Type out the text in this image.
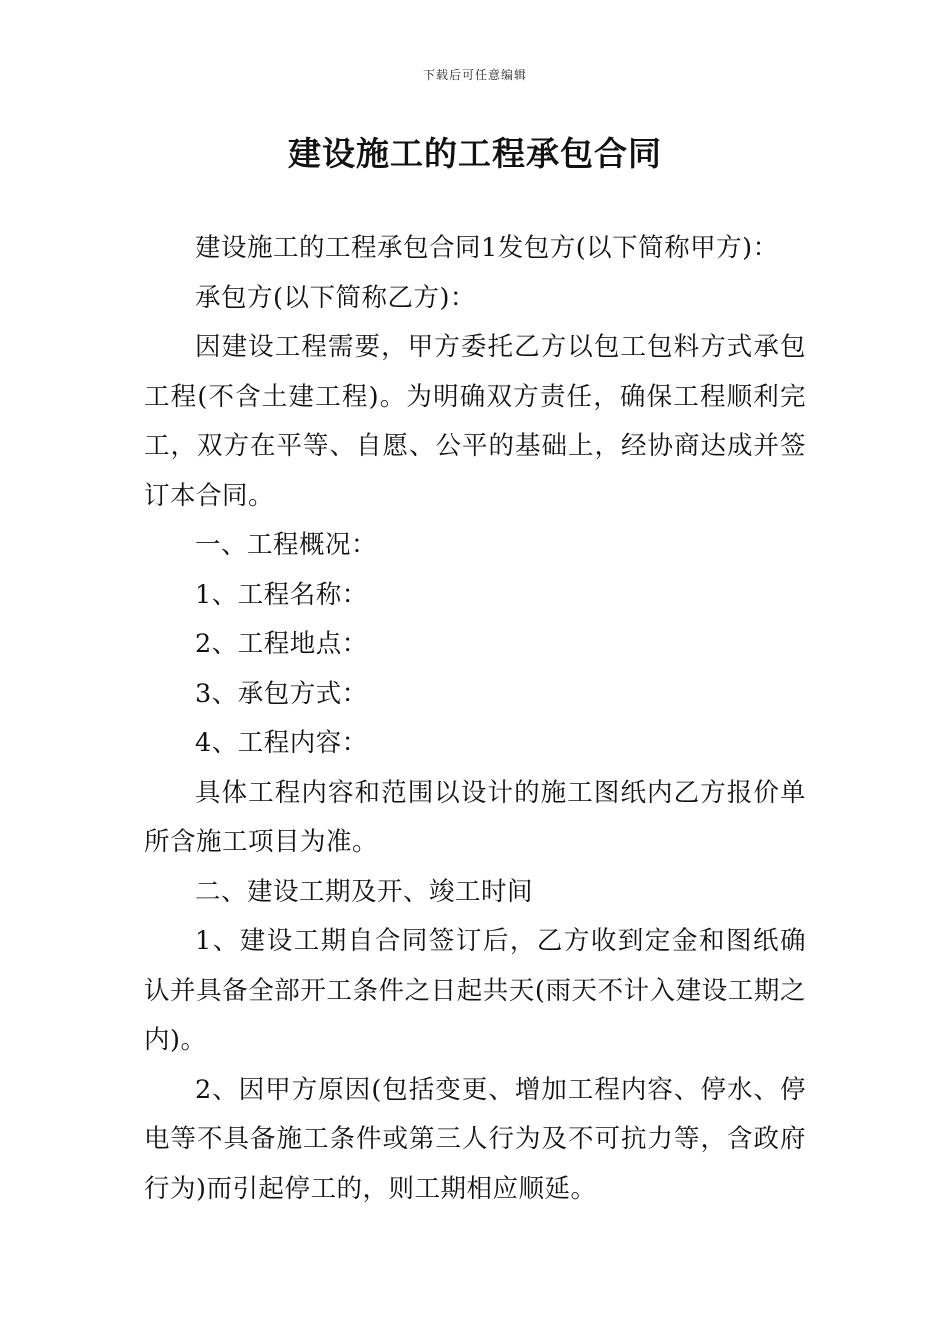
下载后可任意编辑
建设施工的工程承包合同

建设施工的工程承包合同1发包方(以下简称甲方)：

承包方(以下简称乙方)：

因建设工程需要，甲方委托乙方以包工包料方式承包工程(不含土建工程)。为明确双方责任，确保工程顺利完工，双方在平等、自愿、公平的基础上，经协商达成并签订本合同。

一、工程概况：

1、工程名称：

2、工程地点：

3、承包方式：

4、工程内容：

具体工程内容和范围以设计的施工图纸内乙方报价单所含施工项目为准。

二、建设工期及开、竣工时间

1、建设工期自合同签订后，乙方收到定金和图纸确认并具备全部开工条件之日起共天(雨天不计入建设工期之内)。

2、因甲方原因(包括变更、增加工程内容、停水、停电等不具备施工条件或第三人行为及不可抗力等，含政府行为)而引起停工的，则工期相应顺延。
